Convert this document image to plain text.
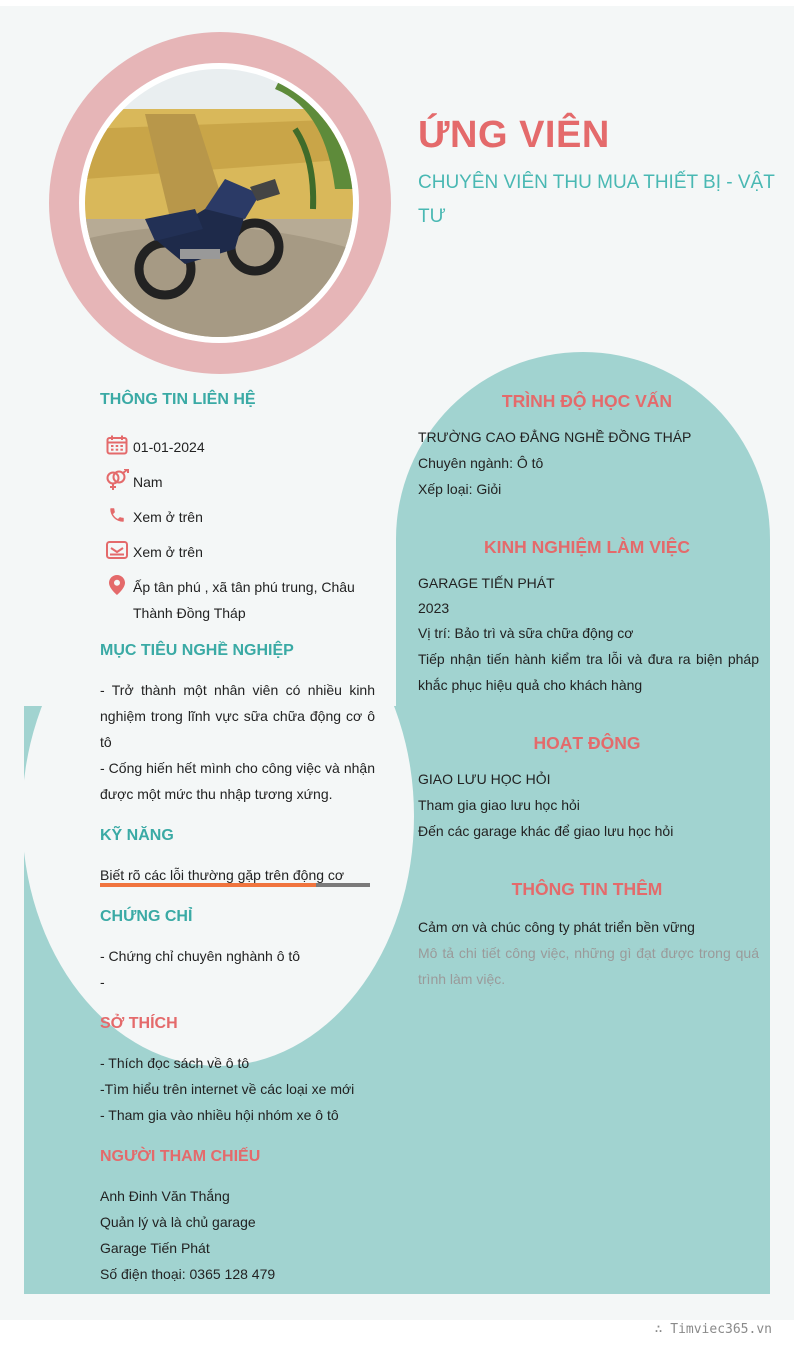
ỨNG VIÊN
CHUYÊN VIÊN THU MUA THIẾT BỊ - VẬT TƯ
THÔNG TIN LIÊN HỆ
01-01-2024
Nam
Xem ở trên
Xem ở trên
Ấp tân phú , xã tân phú trung, Châu Thành Đồng Tháp
MỤC TIÊU NGHỀ NGHIỆP
- Trở thành một nhân viên có nhiều kinh nghiệm trong lĩnh vực sữa chữa động cơ ô tô
- Cống hiến hết mình cho công việc và nhận được một mức thu nhập tương xứng.
KỸ NĂNG
Biết rõ các lỗi thường gặp trên động cơ
CHỨNG CHỈ
- Chứng chỉ chuyên nghành ô tô
-
SỞ THÍCH
- Thích đọc sách về ô tô
-Tìm hiểu trên internet về các loại xe mới
- Tham gia vào nhiều hội nhóm xe ô tô
NGƯỜI THAM CHIẾU
Anh Đinh Văn Thắng
Quản lý và là chủ garage
Garage Tiến Phát
Số điện thoại: 0365 128 479
TRÌNH ĐỘ HỌC VẤN
TRƯỜNG CAO ĐẲNG NGHỀ ĐỒNG THÁP
Chuyên ngành: Ô tô
Xếp loại: Giỏi
KINH NGHIỆM LÀM VIỆC
GARAGE TIẾN PHÁT
2023
Vị trí: Bảo trì và sữa chữa động cơ
Tiếp nhận tiến hành kiểm tra lỗi và đưa ra biện pháp khắc phục hiệu quả cho khách hàng
HOẠT ĐỘNG
GIAO LƯU HỌC HỎI
Tham gia giao lưu học hỏi
Đến các garage khác để giao lưu học hỏi
THÔNG TIN THÊM
Cảm ơn và chúc công ty phát triển bền vững
Mô tả chi tiết công việc, những gì đạt được trong quá trình làm việc.
∴ Timviec365.vn
